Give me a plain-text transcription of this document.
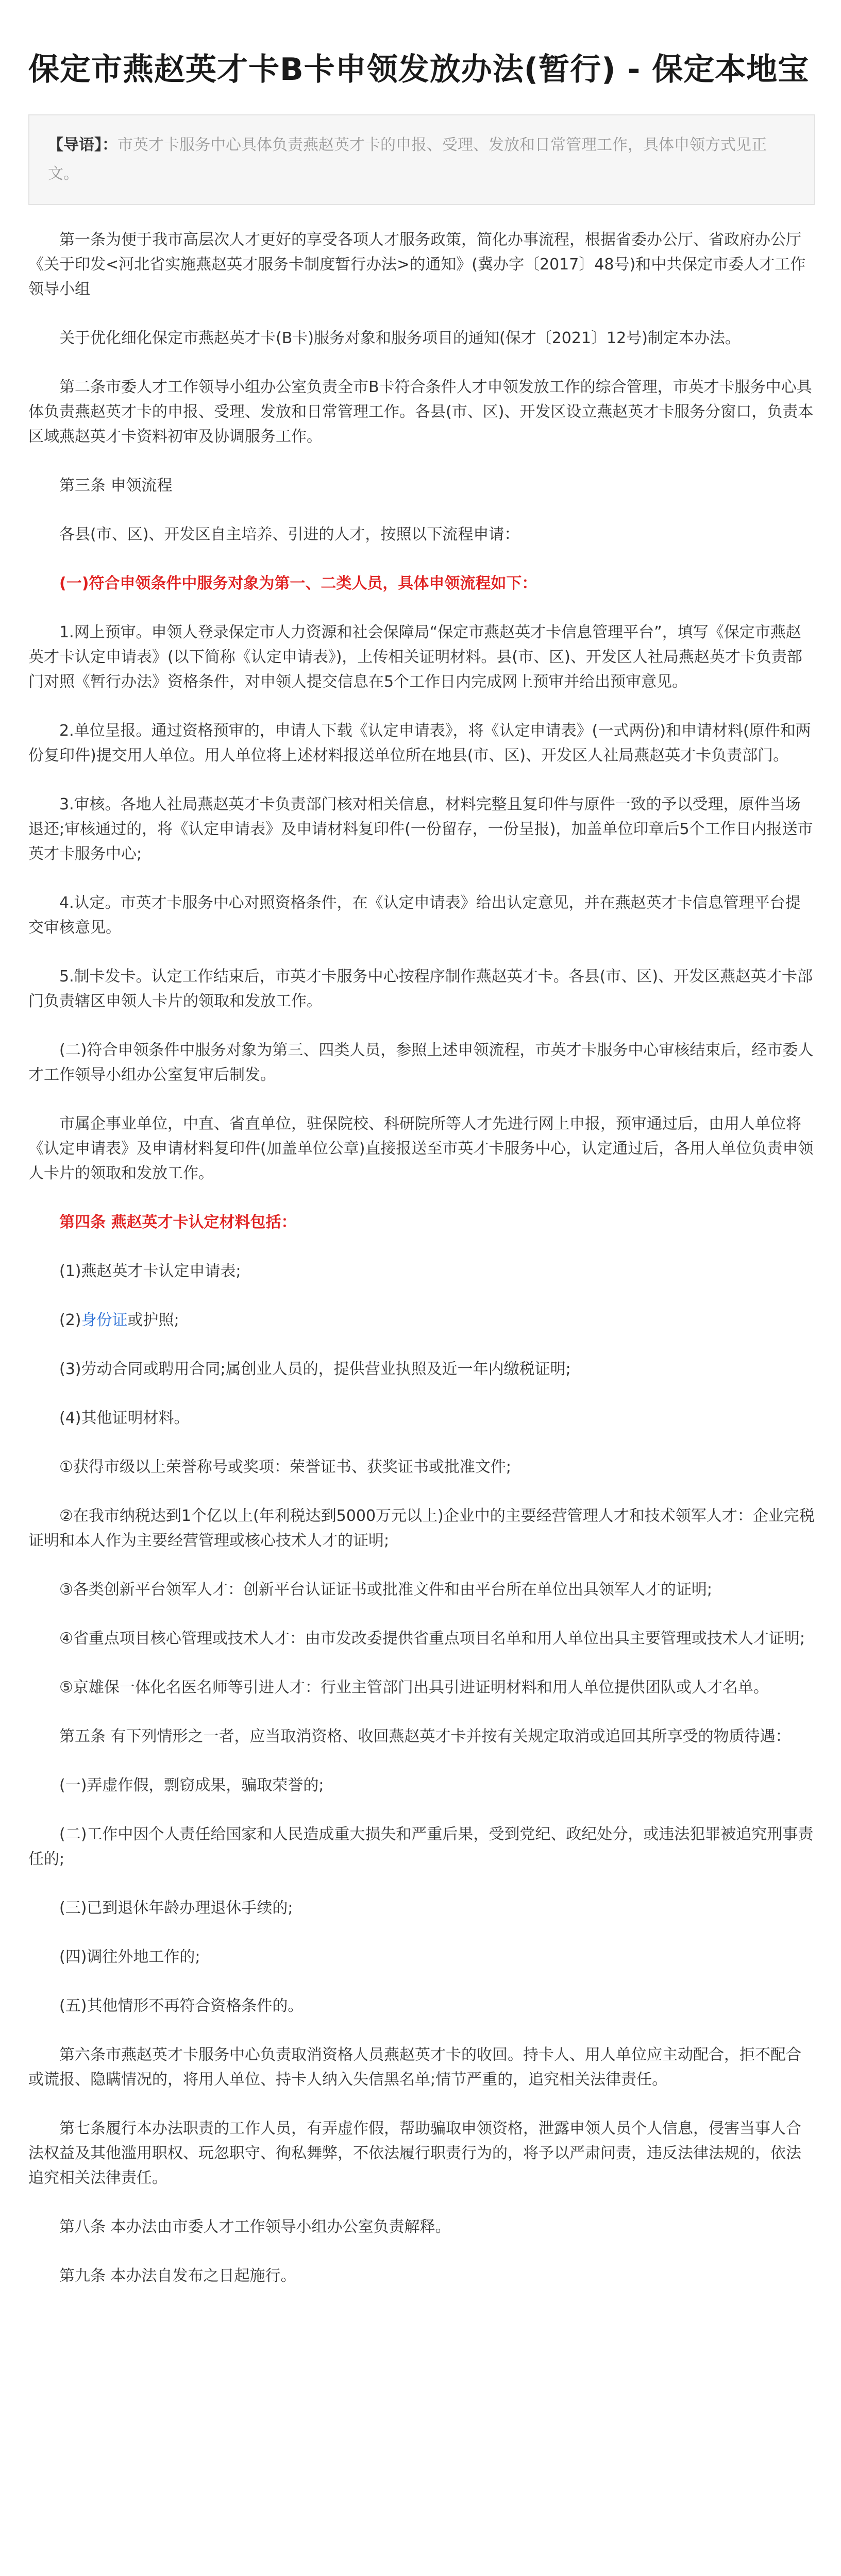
保定市燕赵英才卡B卡申领发放办法(暂行) - 保定本地宝
【导语】：市英才卡服务中心具体负责燕赵英才卡的申报、受理、发放和日常管理工作，具体申领方式见正文。

第一条为便于我市高层次人才更好的享受各项人才服务政策，简化办事流程，根据省委办公厅、省政府办公厅《关于印发<河北省实施燕赵英才服务卡制度暂行办法>的通知》(冀办字〔2017〕48号)和中共保定市委人才工作领导小组

关于优化细化保定市燕赵英才卡(B卡)服务对象和服务项目的通知(保才〔2021〕12号)制定本办法。

第二条市委人才工作领导小组办公室负责全市B卡符合条件人才申领发放工作的综合管理，市英才卡服务中心具体负责燕赵英才卡的申报、受理、发放和日常管理工作。各县(市、区)、开发区设立燕赵英才卡服务分窗口，负责本区域燕赵英才卡资料初审及协调服务工作。

第三条 申领流程

各县(市、区)、开发区自主培养、引进的人才，按照以下流程申请：

(一)符合申领条件中服务对象为第一、二类人员，具体申领流程如下：

1.网上预审。申领人登录保定市人力资源和社会保障局“保定市燕赵英才卡信息管理平台”，填写《保定市燕赵英才卡认定申请表》(以下简称《认定申请表》)，上传相关证明材料。县(市、区)、开发区人社局燕赵英才卡负责部门对照《暂行办法》资格条件，对申领人提交信息在5个工作日内完成网上预审并给出预审意见。

2.单位呈报。通过资格预审的，申请人下载《认定申请表》，将《认定申请表》(一式两份)和申请材料(原件和两份复印件)提交用人单位。用人单位将上述材料报送单位所在地县(市、区)、开发区人社局燕赵英才卡负责部门。

3.审核。各地人社局燕赵英才卡负责部门核对相关信息，材料完整且复印件与原件一致的予以受理，原件当场退还;审核通过的，将《认定申请表》及申请材料复印件(一份留存，一份呈报)，加盖单位印章后5个工作日内报送市英才卡服务中心;

4.认定。市英才卡服务中心对照资格条件，在《认定申请表》给出认定意见，并在燕赵英才卡信息管理平台提交审核意见。

5.制卡发卡。认定工作结束后，市英才卡服务中心按程序制作燕赵英才卡。各县(市、区)、开发区燕赵英才卡部门负责辖区申领人卡片的领取和发放工作。

(二)符合申领条件中服务对象为第三、四类人员，参照上述申领流程，市英才卡服务中心审核结束后，经市委人才工作领导小组办公室复审后制发。

市属企事业单位，中直、省直单位，驻保院校、科研院所等人才先进行网上申报，预审通过后，由用人单位将《认定申请表》及申请材料复印件(加盖单位公章)直接报送至市英才卡服务中心，认定通过后，各用人单位负责申领人卡片的领取和发放工作。

第四条 燕赵英才卡认定材料包括：

(1)燕赵英才卡认定申请表;

(2)身份证或护照;

(3)劳动合同或聘用合同;属创业人员的，提供营业执照及近一年内缴税证明;

(4)其他证明材料。

①获得市级以上荣誉称号或奖项：荣誉证书、获奖证书或批准文件;

②在我市纳税达到1个亿以上(年利税达到5000万元以上)企业中的主要经营管理人才和技术领军人才：企业完税证明和本人作为主要经营管理或核心技术人才的证明;

③各类创新平台领军人才：创新平台认证证书或批准文件和由平台所在单位出具领军人才的证明;

④省重点项目核心管理或技术人才：由市发改委提供省重点项目名单和用人单位出具主要管理或技术人才证明;

⑤京雄保一体化名医名师等引进人才：行业主管部门出具引进证明材料和用人单位提供团队或人才名单。

第五条 有下列情形之一者，应当取消资格、收回燕赵英才卡并按有关规定取消或追回其所享受的物质待遇：

(一)弄虚作假，剽窃成果，骗取荣誉的;

(二)工作中因个人责任给国家和人民造成重大损失和严重后果，受到党纪、政纪处分，或违法犯罪被追究刑事责任的;

(三)已到退休年龄办理退休手续的;

(四)调往外地工作的;

(五)其他情形不再符合资格条件的。

第六条市燕赵英才卡服务中心负责取消资格人员燕赵英才卡的收回。持卡人、用人单位应主动配合，拒不配合或谎报、隐瞒情况的，将用人单位、持卡人纳入失信黑名单;情节严重的，追究相关法律责任。

第七条履行本办法职责的工作人员，有弄虚作假，帮助骗取申领资格，泄露申领人员个人信息，侵害当事人合法权益及其他滥用职权、玩忽职守、徇私舞弊，不依法履行职责行为的，将予以严肃问责，违反法律法规的，依法追究相关法律责任。

第八条 本办法由市委人才工作领导小组办公室负责解释。

第九条 本办法自发布之日起施行。
